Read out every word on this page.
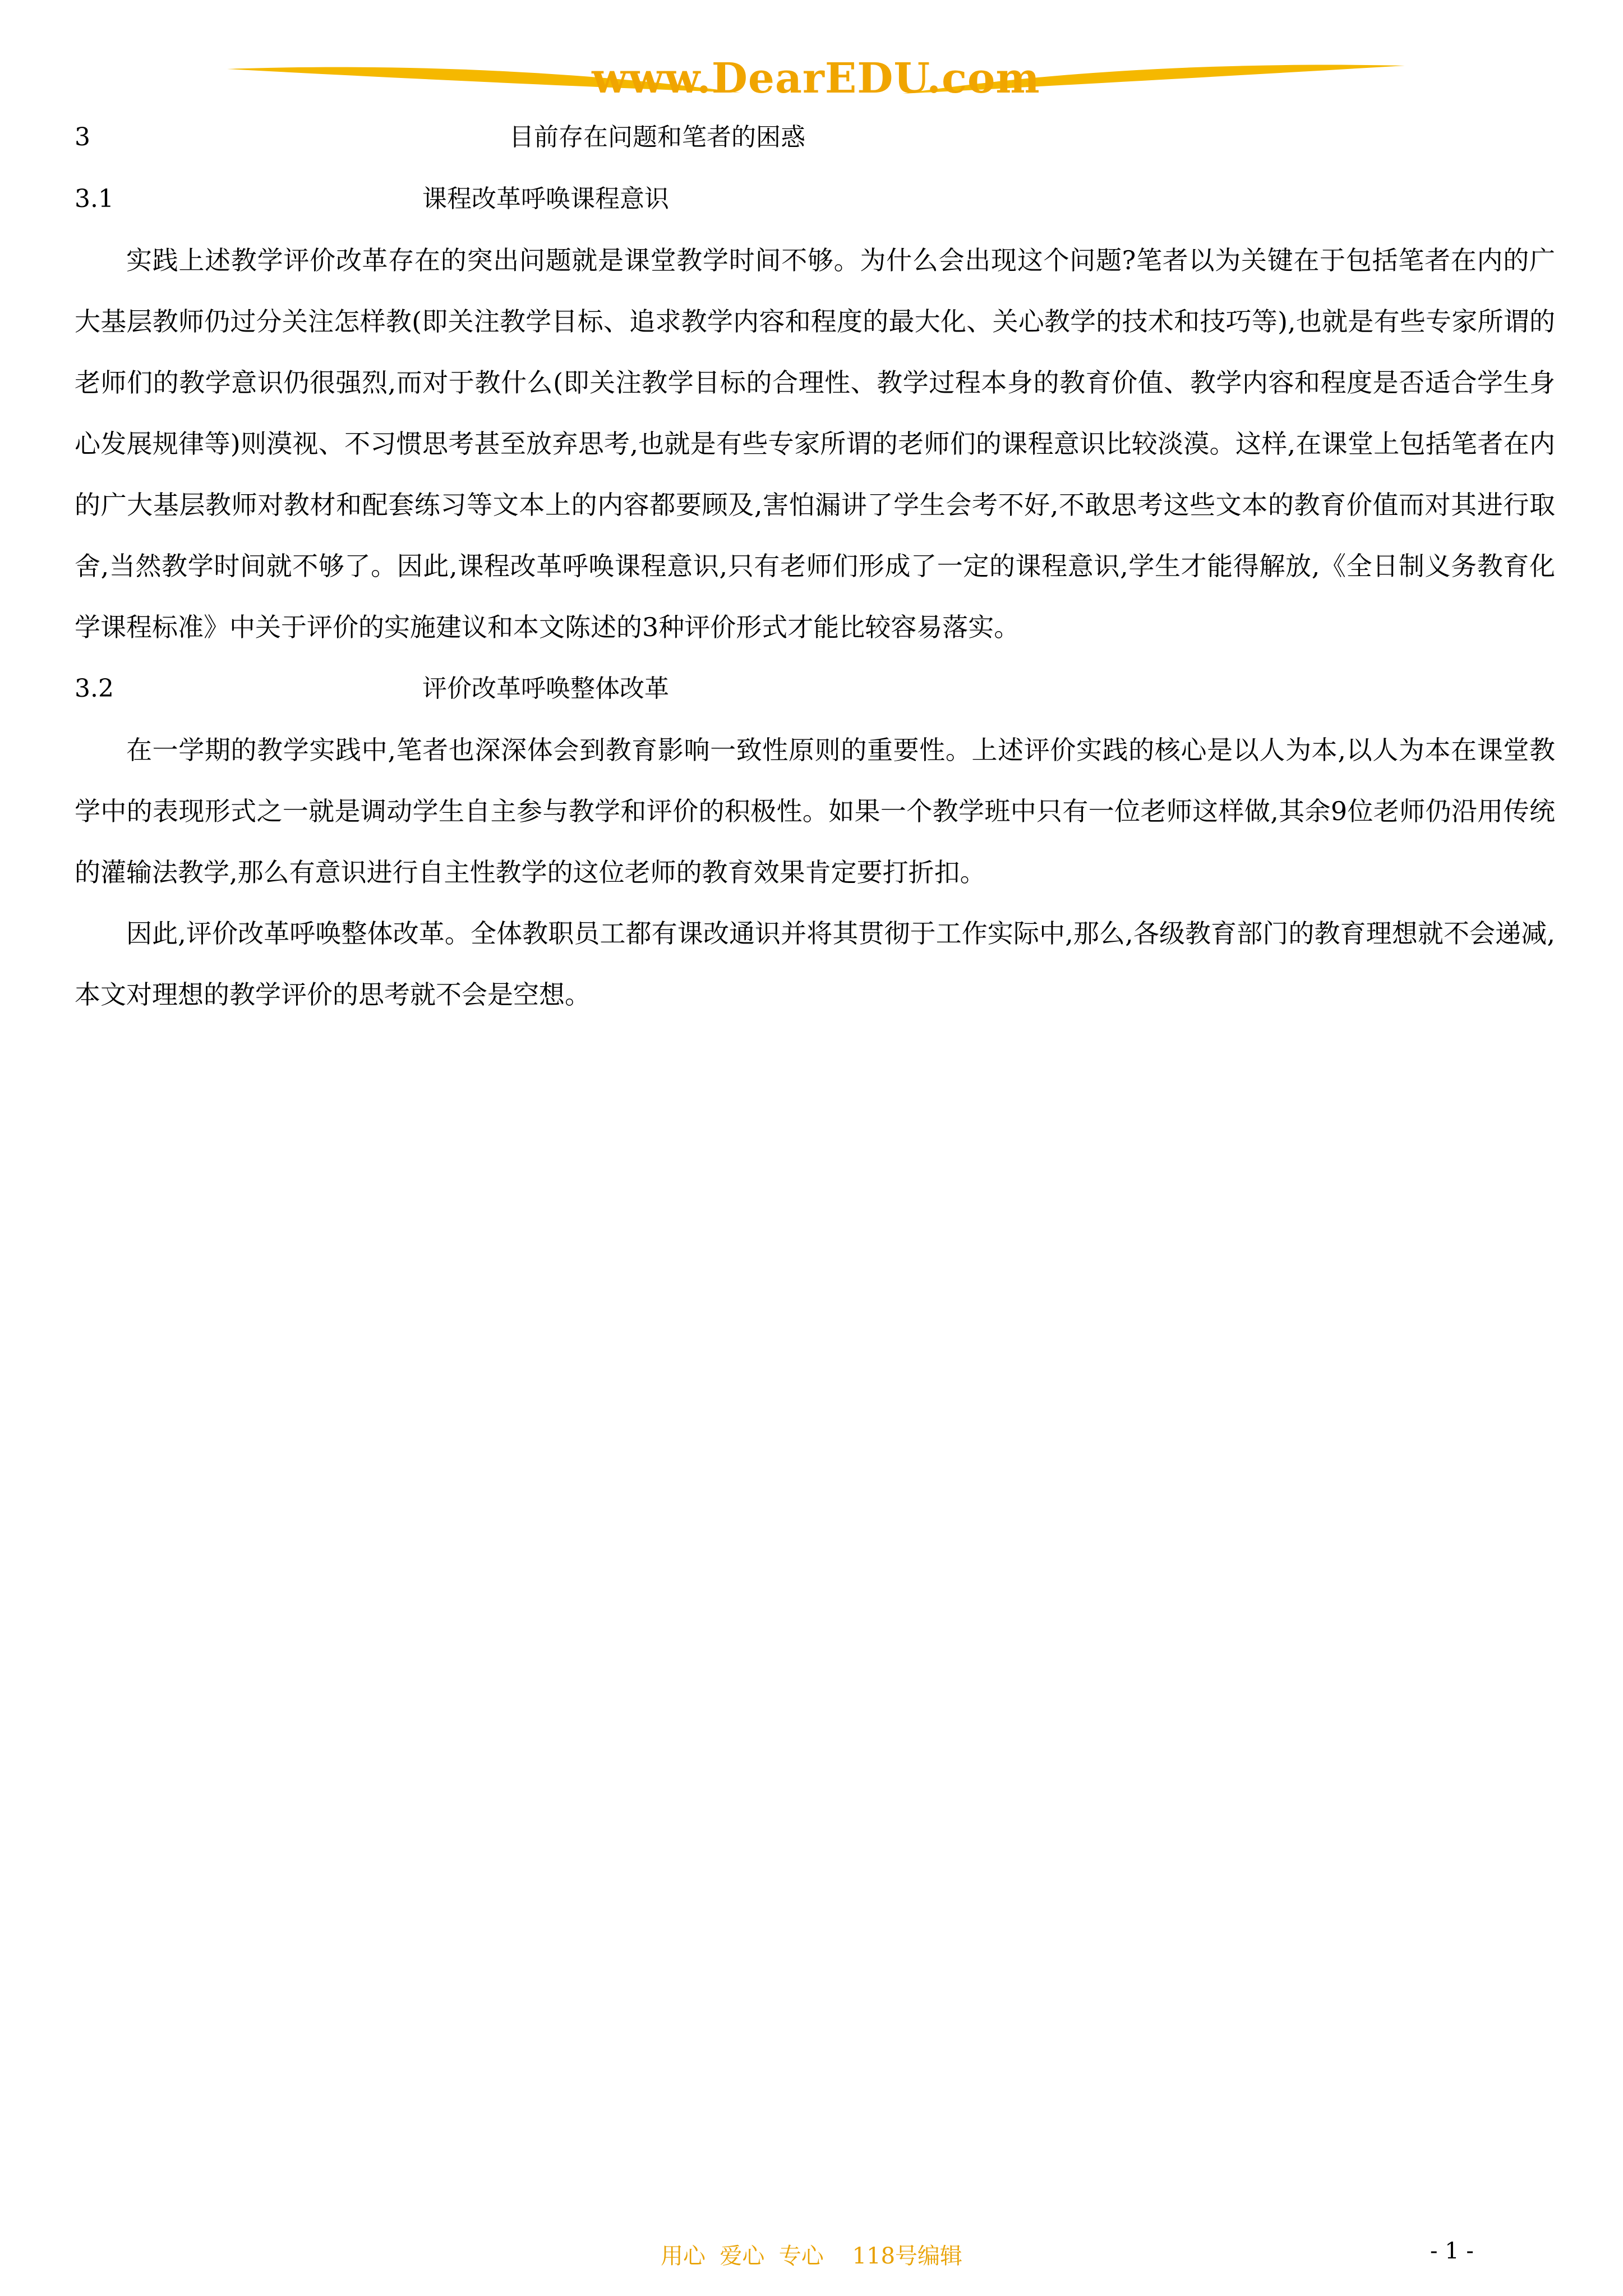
www.DearEDU.com
3	目前存在问题和笔者的困惑
3.1	课程改革呼唤课程意识

实践上述教学评价改革存在的突出问题就是课堂教学时间不够。为什么会出现这个问题?笔者以为关键在于包括笔者在内的广大基层教师仍过分关注怎样教(即关注教学目标、追求教学内容和程度的最大化、关心教学的技术和技巧等),也就是有些专家所谓的老师们的教学意识仍很强烈,而对于教什么(即关注教学目标的合理性、教学过程本身的教育价值、教学内容和程度是否适合学生身心发展规律等)则漠视、不习惯思考甚至放弃思考,也就是有些专家所谓的老师们的课程意识比较淡漠。这样,在课堂上包括笔者在内的广大基层教师对教材和配套练习等文本上的内容都要顾及,害怕漏讲了学生会考不好,不敢思考这些文本的教育价值而对其进行取舍,当然教学时间就不够了。因此,课程改革呼唤课程意识,只有老师们形成了一定的课程意识,学生才能得解放,《全日制义务教育化学课程标准》中关于评价的实施建议和本文陈述的3种评价形式才能比较容易落实。

3.2	评价改革呼唤整体改革

在一学期的教学实践中,笔者也深深体会到教育影响一致性原则的重要性。上述评价实践的核心是以人为本,以人为本在课堂教学中的表现形式之一就是调动学生自主参与教学和评价的积极性。如果一个教学班中只有一位老师这样做,其余9位老师仍沿用传统的灌输法教学,那么有意识进行自主性教学的这位老师的教育效果肯定要打折扣。

因此,评价改革呼唤整体改革。全体教职员工都有课改通识并将其贯彻于工作实际中,那么,各级教育部门的教育理想就不会递减,本文对理想的教学评价的思考就不会是空想。

用心  爱心  专心    118号编辑	- 1 -
